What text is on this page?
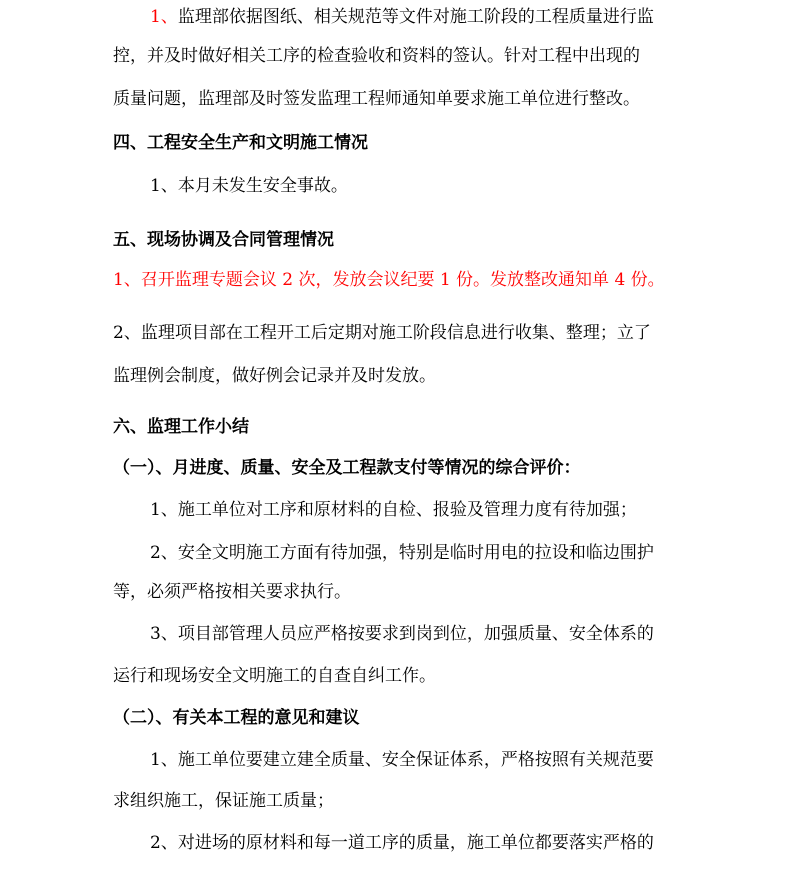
1、监理部依据图纸、相关规范等文件对施工阶段的工程质量进行监
控，并及时做好相关工序的检查验收和资料的签认。针对工程中出现的
质量问题，监理部及时签发监理工程师通知单要求施工单位进行整改。
四、工程安全生产和文明施工情况
1、本月未发生安全事故。
五、现场协调及合同管理情况
1、召开监理专题会议 2 次，发放会议纪要 1 份。发放整改通知单 4 份。
2、监理项目部在工程开工后定期对施工阶段信息进行收集、整理；立了
监理例会制度，做好例会记录并及时发放。
六、监理工作小结
（一）、月进度、质量、安全及工程款支付等情况的综合评价：
1、施工单位对工序和原材料的自检、报验及管理力度有待加强；
2、安全文明施工方面有待加强，特别是临时用电的拉设和临边围护
等，必须严格按相关要求执行。
3、项目部管理人员应严格按要求到岗到位，加强质量、安全体系的
运行和现场安全文明施工的自查自纠工作。
（二）、有关本工程的意见和建议
1、施工单位要建立建全质量、安全保证体系，严格按照有关规范要
求组织施工，保证施工质量；
2、对进场的原材料和每一道工序的质量，施工单位都要落实严格的
